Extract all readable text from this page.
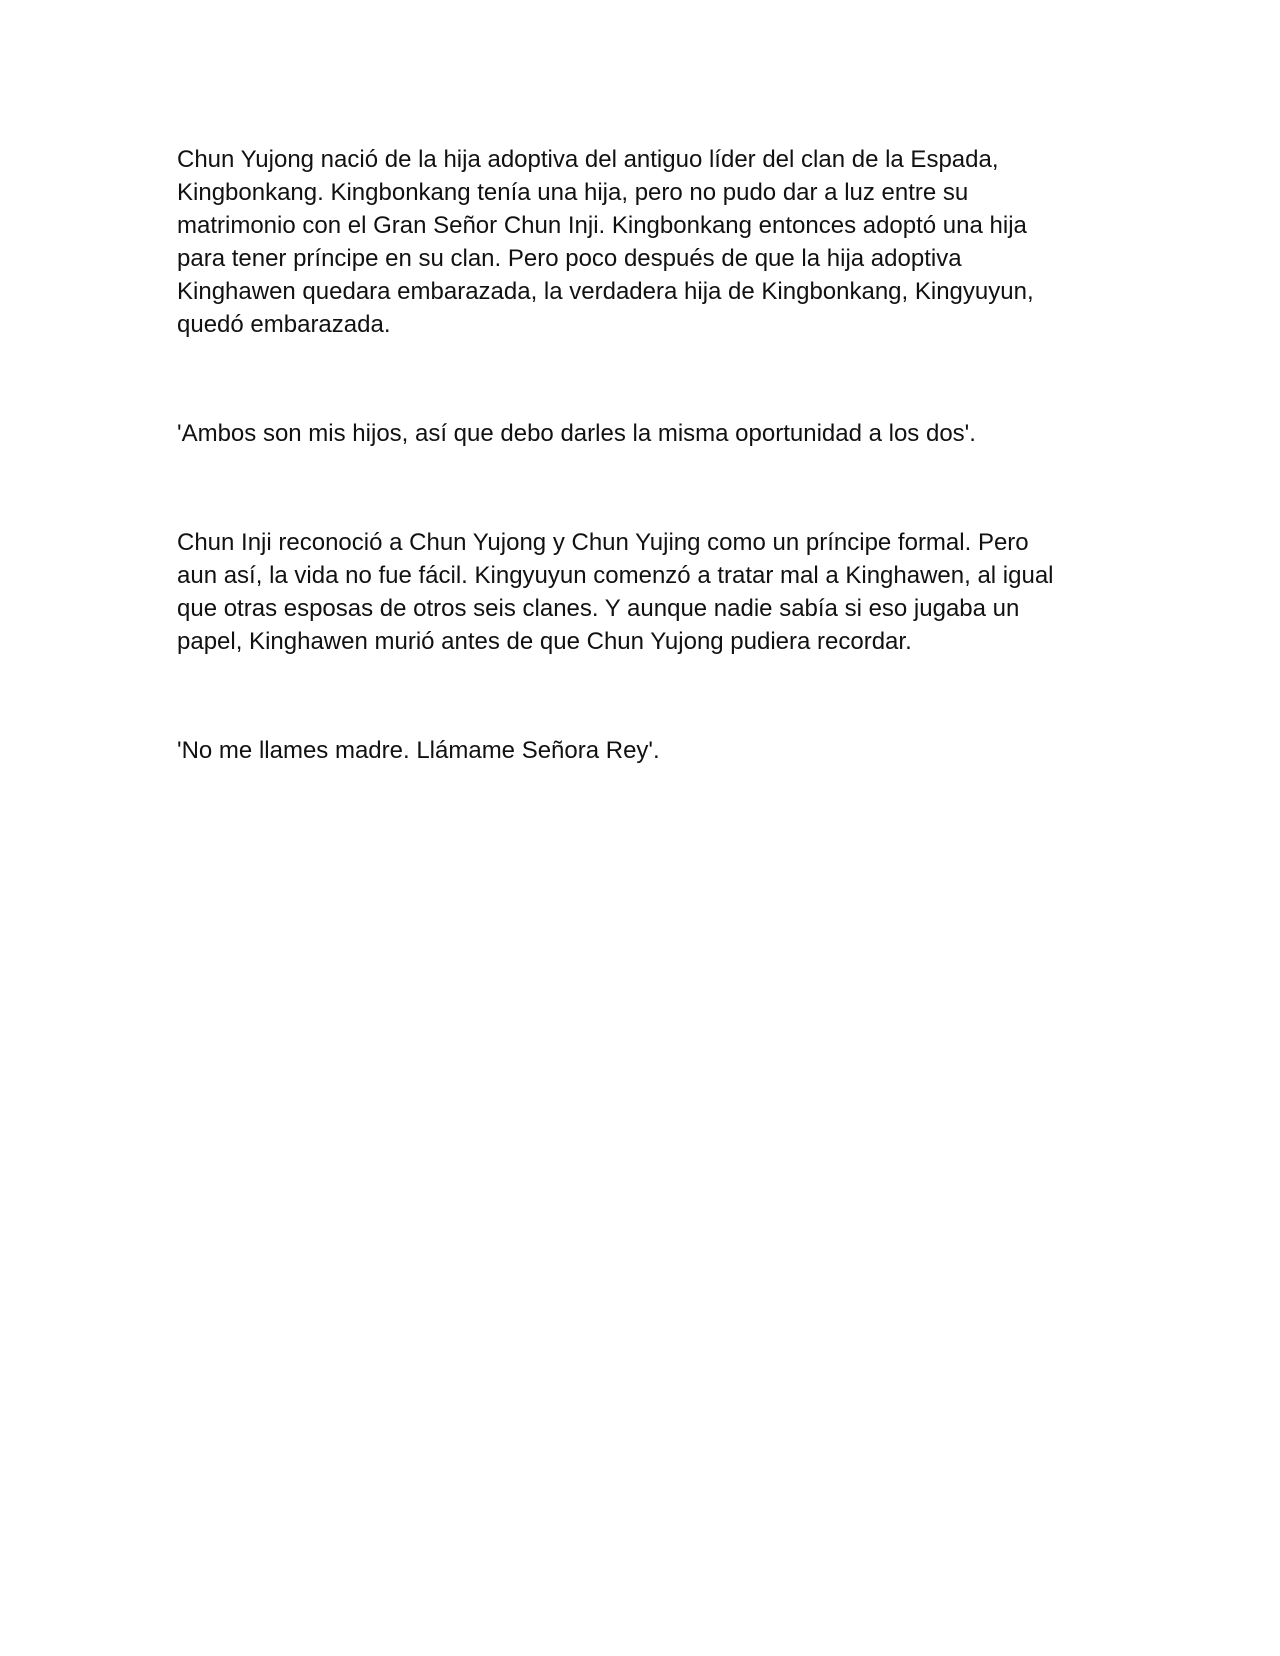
Chun Yujong nació de la hija adoptiva del antiguo líder del clan de la Espada,
Kingbonkang. Kingbonkang tenía una hija, pero no pudo dar a luz entre su
matrimonio con el Gran Señor Chun Inji. Kingbonkang entonces adoptó una hija
para tener príncipe en su clan. Pero poco después de que la hija adoptiva
Kinghawen quedara embarazada, la verdadera hija de Kingbonkang, Kingyuyun,
quedó embarazada.

'Ambos son mis hijos, así que debo darles la misma oportunidad a los dos'.

Chun Inji reconoció a Chun Yujong y Chun Yujing como un príncipe formal. Pero
aun así, la vida no fue fácil. Kingyuyun comenzó a tratar mal a Kinghawen, al igual
que otras esposas de otros seis clanes. Y aunque nadie sabía si eso jugaba un
papel, Kinghawen murió antes de que Chun Yujong pudiera recordar.

'No me llames madre. Llámame Señora Rey'.
